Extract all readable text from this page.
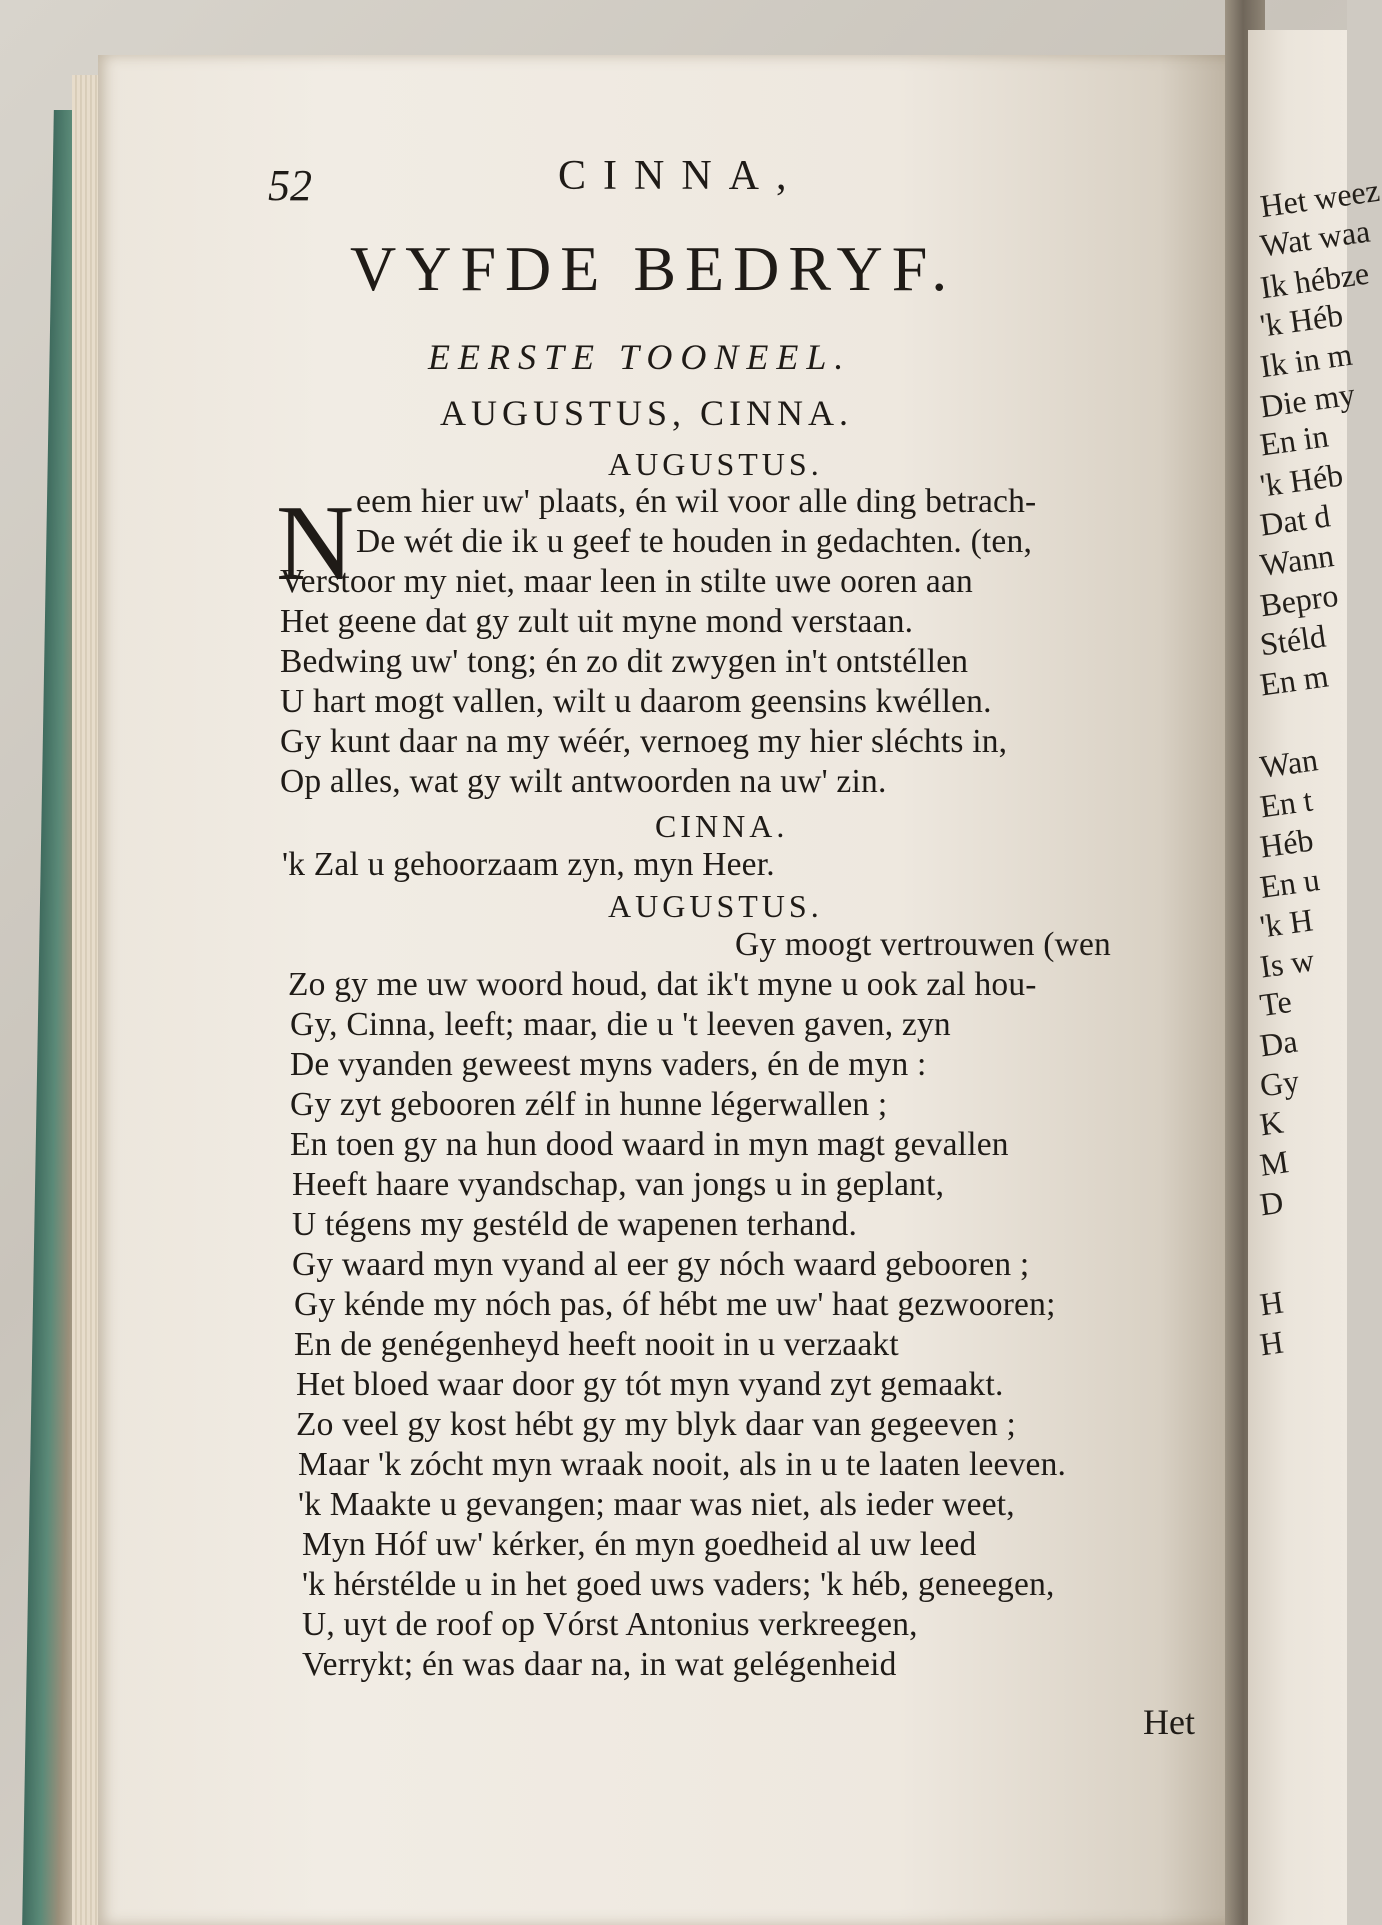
Het weez
Wat waa
Ik hébze
'k Héb
Ik in m
Die my
En in
'k Héb
Dat d
Wann
Bepro
Stéld
En m
Wan
En t
Héb
En u
'k H
Is w
Te
Da
Gy
K
M
D
H
H
52	CINNA,
VYFDE BEDRYF.
EERSTE TOONEEL.
AUGUSTUS, CINNA.
AUGUSTUS.
N eem hier uw' plaats, én wil voor alle ding betrach-
De wét die ik u geef te houden in gedachten. (ten,
Verstoor my niet, maar leen in stilte uwe ooren aan
Het geene dat gy zult uit myne mond verstaan.
Bedwing uw' tong; én zo dit zwygen in't ontstéllen
U hart mogt vallen, wilt u daarom geensins kwéllen.
Gy kunt daar na my wéér, vernoeg my hier sléchts in,
Op alles, wat gy wilt antwoorden na uw' zin.
CINNA.
'k Zal u gehoorzaam zyn, myn Heer.
AUGUSTUS.
Gy moogt vertrouwen (wen
Zo gy me uw woord houd, dat ik't myne u ook zal hou-
Gy, Cinna, leeft; maar, die u 't leeven gaven, zyn
De vyanden geweest myns vaders, én de myn :
Gy zyt gebooren zélf in hunne légerwallen ;
En toen gy na hun dood waard in myn magt gevallen
Heeft haare vyandschap, van jongs u in geplant,
U tégens my gestéld de wapenen terhand.
Gy waard myn vyand al eer gy nóch waard gebooren ;
Gy kénde my nóch pas, óf hébt me uw' haat gezwooren;
En de genégenheyd heeft nooit in u verzaakt
Het bloed waar door gy tót myn vyand zyt gemaakt.
Zo veel gy kost hébt gy my blyk daar van gegeeven ;
Maar 'k zócht myn wraak nooit, als in u te laaten leeven.
'k Maakte u gevangen; maar was niet, als ieder weet,
Myn Hóf uw' kérker, én myn goedheid al uw leed
'k hérstélde u in het goed uws vaders; 'k héb, geneegen,
U, uyt de roof op Vórst Antonius verkreegen,
Verrykt; én was daar na, in wat gelégenheid
Het
